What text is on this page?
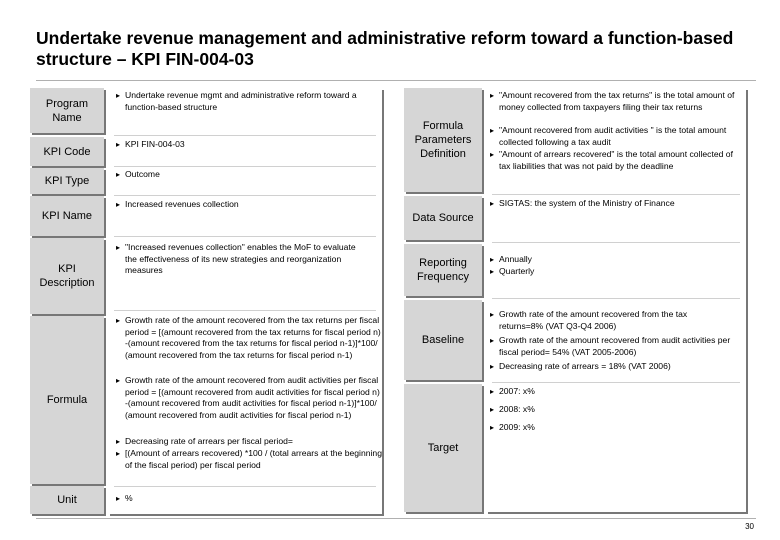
Undertake revenue management and administrative reform toward a function-based structure – KPI FIN-004-03
Program Name
KPI Code
KPI Type
KPI Name
KPI Description
Formula
Unit
▸ Undertake revenue mgmt and administrative reform toward a function-based structure
▸ KPI FIN-004-03
▸ Outcome
▸ Increased revenues collection
▸ "Increased revenues collection" enables the MoF to evaluate the effectiveness of its new strategies and reorganization measures
▸ Growth rate of the amount recovered from the tax returns per fiscal period = [(amount recovered from the tax returns for fiscal period n) -(amount recovered from the tax returns for fiscal period n-1)]*100/ (amount recovered from the tax returns for fiscal period n-1)
▸ Growth rate of the amount recovered from audit activities per fiscal period = [(amount recovered from audit activities for fiscal period n) -(amount recovered from audit activities for fiscal period n-1)]*100/ (amount recovered from audit activities for fiscal period n-1)
▸ Decreasing rate of arrears per fiscal period=
▸ [(Amount of arrears recovered) *100 / (total arrears at the beginning of the fiscal period) per fiscal period
▸ %
Formula Parameters Definition
Data Source
Reporting Frequency
Baseline
Target
▸ "Amount recovered from the tax returns" is the total amount of money collected from taxpayers filing their tax returns
▸ "Amount recovered from audit activities " is the total amount collected following a tax audit
▸ "Amount of arrears recovered" is the total amount collected of tax liabilities that was not paid by the deadline
▸ SIGTAS: the system of the Ministry of Finance
▸ Annually
▸ Quarterly
▸ Growth rate of the amount recovered from the tax returns=8% (VAT Q3-Q4 2006)
▸ Growth rate of the amount recovered from audit activities per fiscal period= 54% (VAT 2005-2006)
▸ Decreasing rate of arrears = 18% (VAT 2006)
▸ 2007: x%
▸ 2008: x%
▸ 2009: x%
30
